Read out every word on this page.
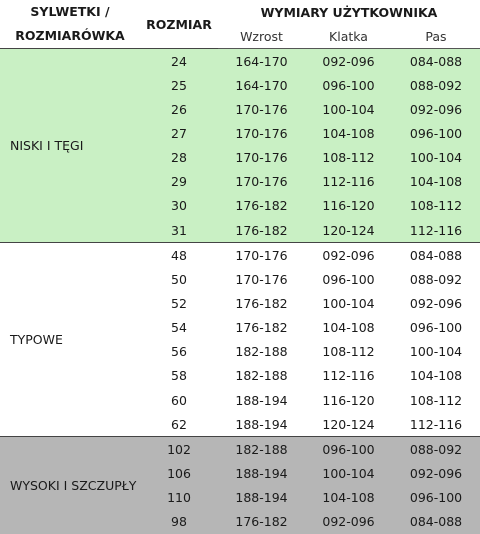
SYLWETKI /
ROZMIARÓWKA	ROZMIAR	WYMIARY UŻYTKOWNIKA		
		Wzrost	Klatka	Pas
NISKI I TĘGI	24	164-170	092-096	084-088
	25	164-170	096-100	088-092
	26	170-176	100-104	092-096
	27	170-176	104-108	096-100
	28	170-176	108-112	100-104
	29	170-176	112-116	104-108
	30	176-182	116-120	108-112
	31	176-182	120-124	112-116
TYPOWE	48	170-176	092-096	084-088
	50	170-176	096-100	088-092
	52	176-182	100-104	092-096
	54	176-182	104-108	096-100
	56	182-188	108-112	100-104
	58	182-188	112-116	104-108
	60	188-194	116-120	108-112
	62	188-194	120-124	112-116
WYSOKI I SZCZUPŁY	102	182-188	096-100	088-092
	106	188-194	100-104	092-096
	110	188-194	104-108	096-100
	98	176-182	092-096	084-088
